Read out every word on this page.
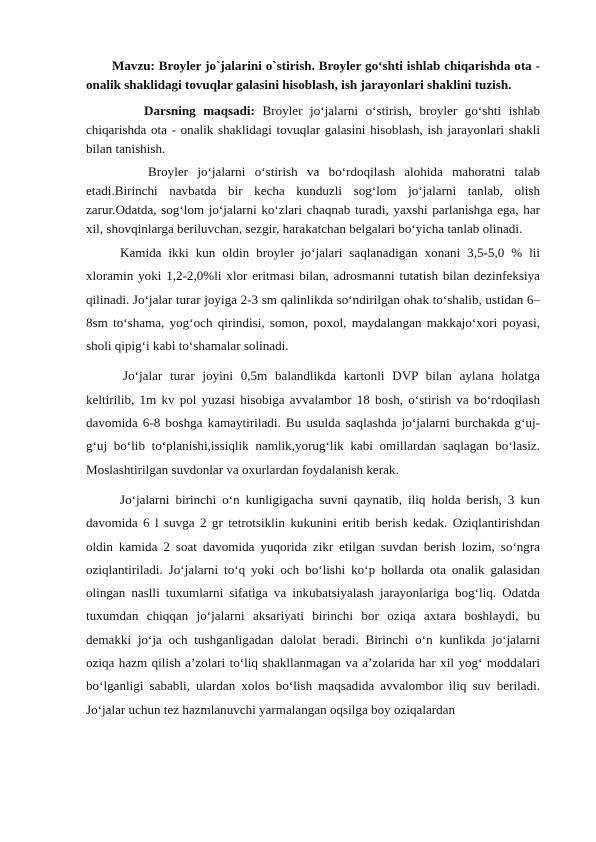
Mavzu: Broyler jo`jalarini o`stirish. Broyler go‘shti ishlab chiqarishda ota - onalik shaklidagi tovuqlar galasini hisoblash, ish jarayonlari shaklini tuzish.

Darsning maqsadi: Broyler jo‘jalarni o‘stirish, broyler go‘shti ishlab chiqarishda ota - onalik shaklidagi tovuqlar galasini hisoblash, ish jarayonlari shakli bilan tanishish.

Broyler jo‘jalarni o‘stirish va bo‘rdoqilash alohida mahoratni talab etadi.Birinchi navbatda bir kecha kunduzli sog‘lom jo‘jalarni tanlab, olish zarur.Odatda, sog‘lom jo‘jalarni ko‘zlari chaqnab turadi, yaxshi parlanishga ega, har xil, shovqinlarga beriluvchan, sezgir, harakatchan belgalari bo‘yicha tanlab olinadi.

Kamida ikki kun oldin broyler jo‘jalari saqlanadigan xonani 3,5-5,0 % lii xloramin yoki 1,2-2,0%li xlor eritmasi bilan, adrosmanni tutatish bilan dezinfeksiya qilinadi. Jo‘jalar turar joyiga 2-3 sm qalinlikda so‘ndirilgan ohak to‘shalib, ustidan 6–8sm to‘shama, yog‘och qirindisi, somon, poxol, maydalangan makkajo‘xori poyasi, sholi qipig‘i kabi to‘shamalar solinadi.

Jo‘jalar turar joyini 0,5m balandlikda kartonli DVP bilan aylana holatga keltirilib, 1m kv pol yuzasi hisobiga avvalambor 18 bosh, o‘stirish va bo‘rdoqilash davomida 6-8 boshga kamaytiriladi. Bu usulda saqlashda jo‘jalarni burchakda g‘uj-g‘uj bo‘lib to‘planishi,issiqlik namlik,yorug‘lik kabi omillardan saqlagan bo‘lasiz. Moslashtirilgan suvdonlar va oxurlardan foydalanish kerak.

Jo‘jalarni birinchi o‘n kunligigacha suvni qaynatib, iliq holda berish, 3 kun davomida 6 l suvga 2 gr tetrotsiklin kukunini eritib berish kedak. Oziqlantirishdan oldin kamida 2 soat davomida yuqorida zikr etilgan suvdan berish lozim, so‘ngra oziqlantiriladi. Jo‘jalarni to‘q yoki och bo‘lishi ko‘p hollarda ota onalik galasidan olingan naslli tuxumlarni sifatiga va inkubatsiyalash jarayonlariga bog‘liq. Odatda tuxumdan chiqqan jo‘jalarni aksariyati birinchi bor oziqa axtara boshlaydi, bu demakki jo‘ja och tushganligadan dalolat beradi. Birinchi o‘n kunlikda jo‘jalarni oziqa hazm qilish a’zolari to‘liq shakllanmagan va a’zolarida har xil yog‘ moddalari bo‘lganligi sababli, ulardan xolos bo‘lish maqsadida avvalombor iliq suv beriladi. Jo‘jalar uchun tez hazmlanuvchi yarmalangan oqsilga boy oziqalardan
